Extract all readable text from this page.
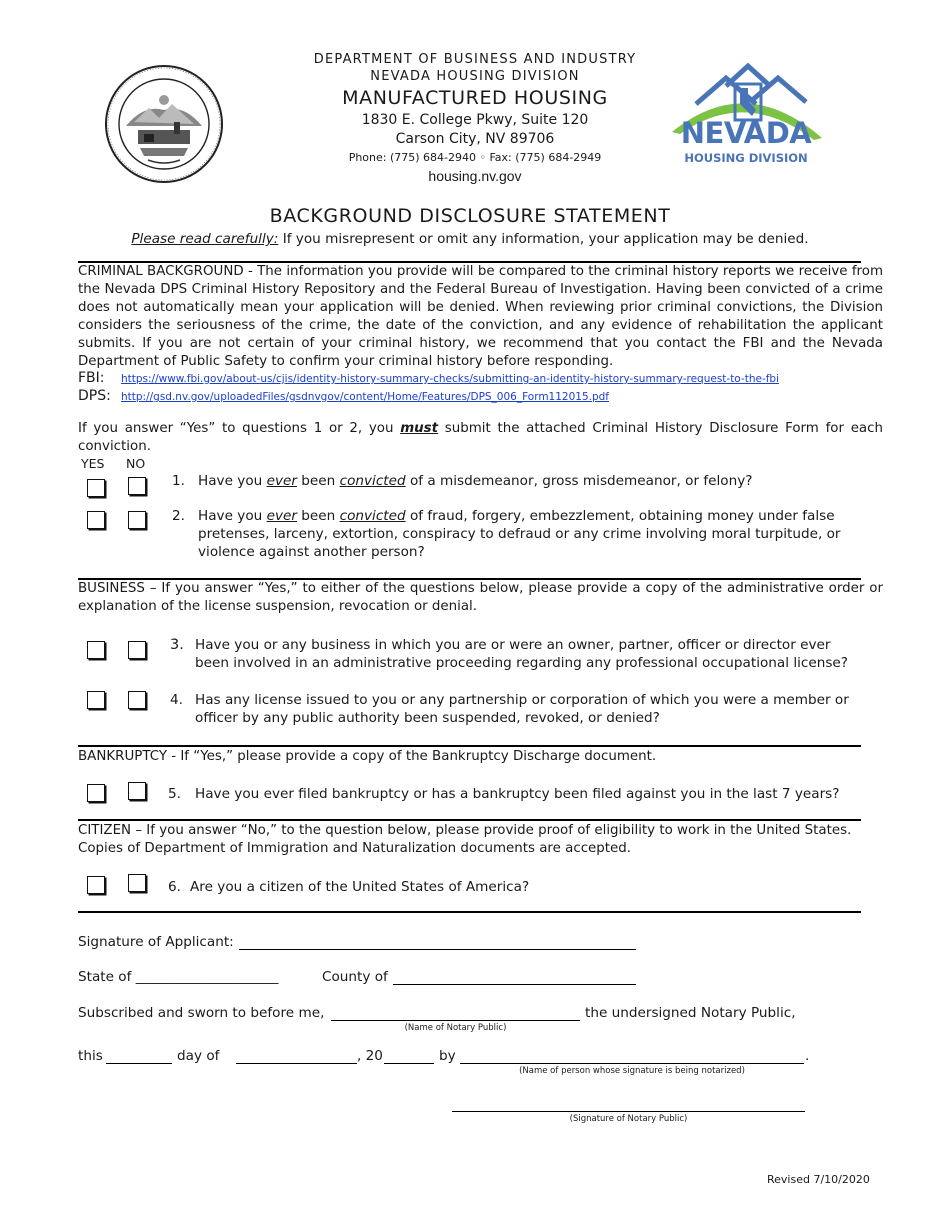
DEPARTMENT OF BUSINESS AND INDUSTRY
NEVADA HOUSING DIVISION
MANUFACTURED HOUSING
1830 E. College Pkwy, Suite 120
Carson City, NV 89706
Phone: (775) 684-2940 ◦ Fax: (775) 684-2949
housing.nv.gov
NEVADA
HOUSING DIVISION
BACKGROUND DISCLOSURE STATEMENT
Please read carefully: If you misrepresent or omit any information, your application may be denied.
CRIMINAL BACKGROUND - The information you provide will be compared to the criminal history reports we receive from the Nevada DPS Criminal History Repository and the Federal Bureau of Investigation. Having been convicted of a crime does not automatically mean your application will be denied. When reviewing prior criminal convictions, the Division considers the seriousness of the crime, the date of the conviction, and any evidence of rehabilitation the applicant submits. If you are not certain of your criminal history, we recommend that you contact the FBI and the Nevada Department of Public Safety to confirm your criminal history before responding.
FBI: https://www.fbi.gov/about-us/cjis/identity-history-summary-checks/submitting-an-identity-history-summary-request-to-the-fbi
DPS: http://gsd.nv.gov/uploadedFiles/gsdnvgov/content/Home/Features/DPS_006_Form112015.pdf
If you answer “Yes” to questions 1 or 2, you must submit the attached Criminal History Disclosure Form for each conviction.
YES NO
1. Have you ever been convicted of a misdemeanor, gross misdemeanor, or felony?
2. Have you ever been convicted of fraud, forgery, embezzlement, obtaining money under false
pretenses, larceny, extortion, conspiracy to defraud or any crime involving moral turpitude, or
violence against another person?
BUSINESS – If you answer “Yes,” to either of the questions below, please provide a copy of the administrative order or explanation of the license suspension, revocation or denial.
3. Have you or any business in which you are or were an owner, partner, officer or director ever
been involved in an administrative proceeding regarding any professional occupational license?
4. Has any license issued to you or any partnership or corporation of which you were a member or
officer by any public authority been suspended, revoked, or denied?
BANKRUPTCY - If “Yes,” please provide a copy of the Bankruptcy Discharge document.
5. Have you ever filed bankruptcy or has a bankruptcy been filed against you in the last 7 years?
CITIZEN – If you answer “No,” to the question below, please provide proof of eligibility to work in the United States. Copies of Department of Immigration and Naturalization documents are accepted.
6. Are you a citizen of the United States of America?
Signature of Applicant:
State of _____________________	County of
Subscribed and sworn to before me,	the undersigned Notary Public,
(Name of Notary Public)
this	day of	, 20	by	.
(Name of person whose signature is being notarized)
(Signature of Notary Public)
Revised 7/10/2020
